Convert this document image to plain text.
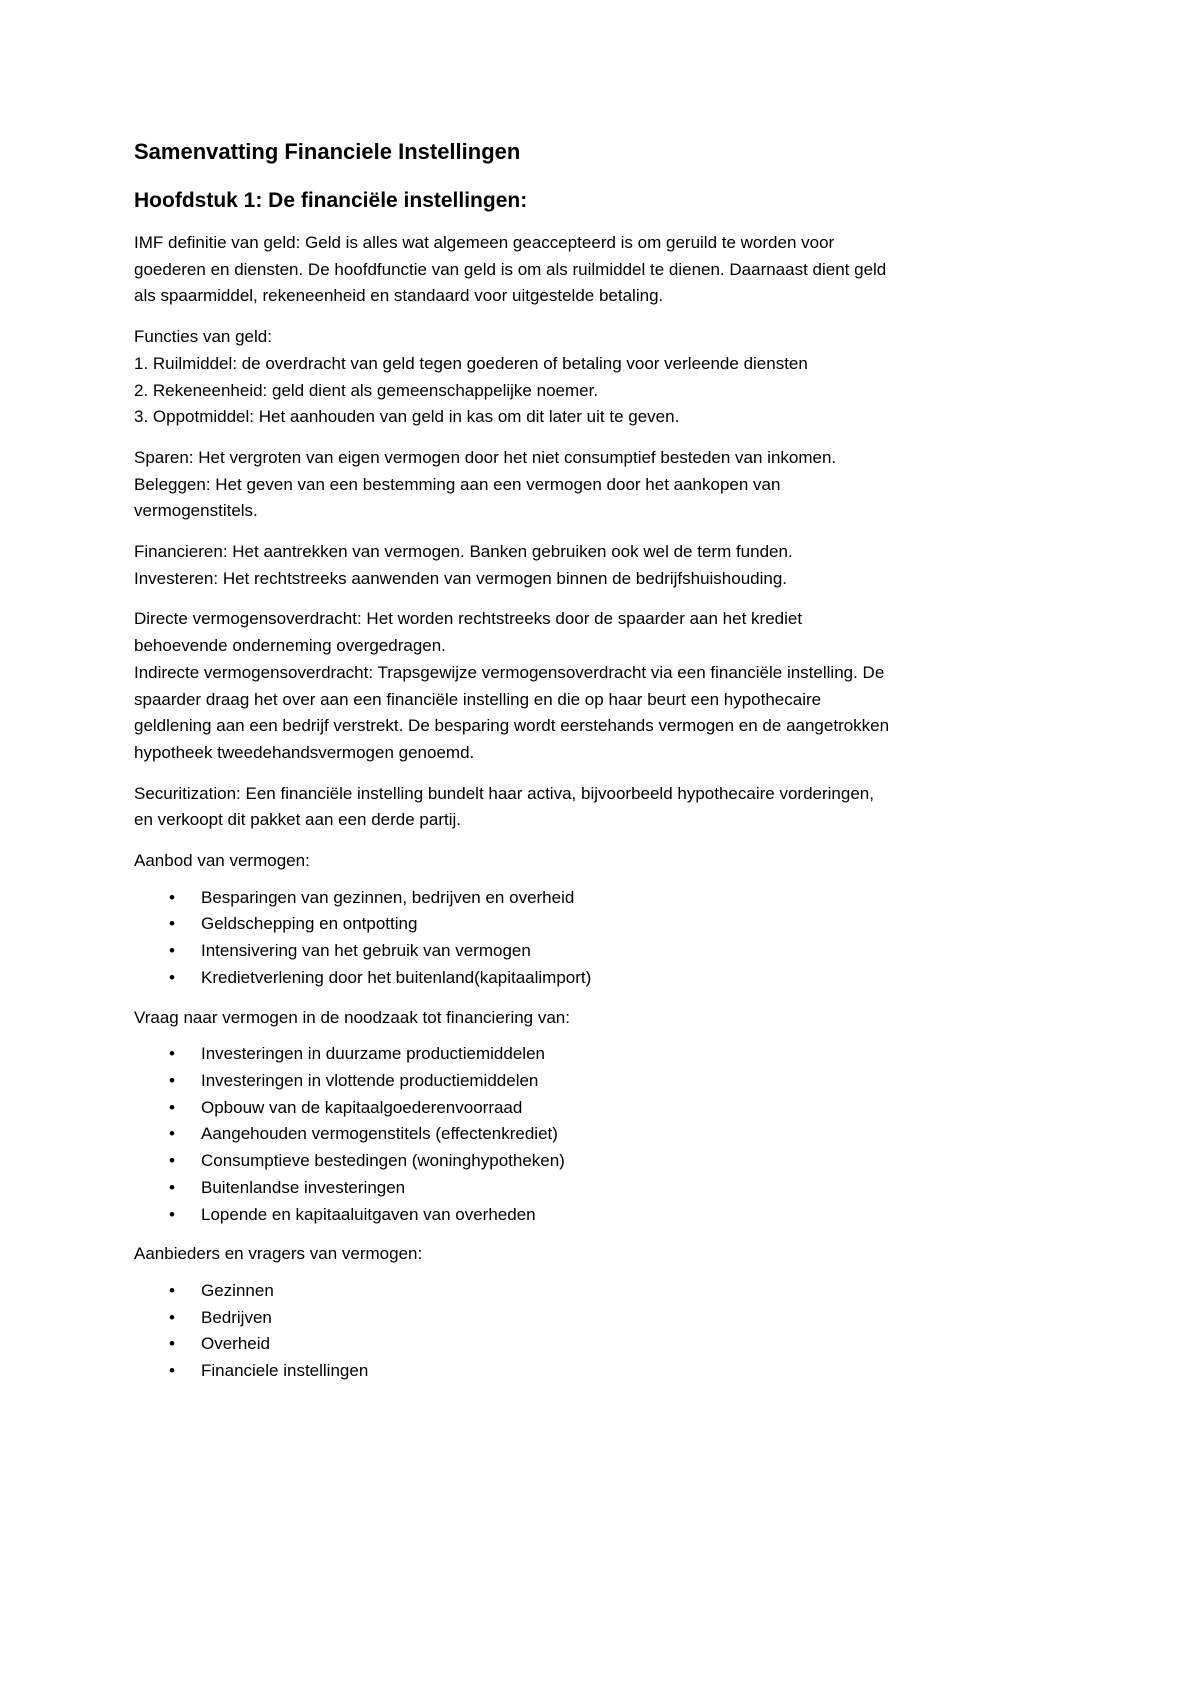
Samenvatting Financiele Instellingen
Hoofdstuk 1: De financiële instellingen:

IMF definitie van geld: Geld is alles wat algemeen geaccepteerd is om geruild te worden voor
goederen en diensten. De hoofdfunctie van geld is om als ruilmiddel te dienen. Daarnaast dient geld
als spaarmiddel, rekeneenheid en standaard voor uitgestelde betaling.

Functies van geld:
1. Ruilmiddel: de overdracht van geld tegen goederen of betaling voor verleende diensten
2. Rekeneenheid: geld dient als gemeenschappelijke noemer.
3. Oppotmiddel: Het aanhouden van geld in kas om dit later uit te geven.

Sparen: Het vergroten van eigen vermogen door het niet consumptief besteden van inkomen.
Beleggen: Het geven van een bestemming aan een vermogen door het aankopen van
vermogenstitels.

Financieren: Het aantrekken van vermogen. Banken gebruiken ook wel de term funden.
Investeren: Het rechtstreeks aanwenden van vermogen binnen de bedrijfshuishouding.

Directe vermogensoverdracht: Het worden rechtstreeks door de spaarder aan het krediet
behoevende onderneming overgedragen.
Indirecte vermogensoverdracht: Trapsgewijze vermogensoverdracht via een financiële instelling. De
spaarder draag het over aan een financiële instelling en die op haar beurt een hypothecaire
geldlening aan een bedrijf verstrekt. De besparing wordt eerstehands vermogen en de aangetrokken
hypotheek tweedehandsvermogen genoemd.

Securitization: Een financiële instelling bundelt haar activa, bijvoorbeeld hypothecaire vorderingen,
en verkoopt dit pakket aan een derde partij.

Aanbod van vermogen:

• Besparingen van gezinnen, bedrijven en overheid
• Geldschepping en ontpotting
• Intensivering van het gebruik van vermogen
• Kredietverlening door het buitenland(kapitaalimport)

Vraag naar vermogen in de noodzaak tot financiering van:

• Investeringen in duurzame productiemiddelen
• Investeringen in vlottende productiemiddelen
• Opbouw van de kapitaalgoederenvoorraad
• Aangehouden vermogenstitels (effectenkrediet)
• Consumptieve bestedingen (woninghypotheken)
• Buitenlandse investeringen
• Lopende en kapitaaluitgaven van overheden

Aanbieders en vragers van vermogen:

• Gezinnen
• Bedrijven
• Overheid
• Financiele instellingen
